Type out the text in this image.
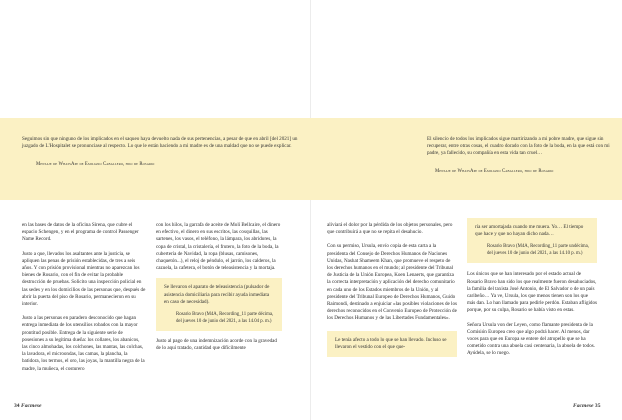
Seguimos sin que ninguno de los implicados en el saqueo haya devuelto nada de sus pertenencias, a pesar de que en abril [del 2021] un juzgado de L'Hospitalet se pronunciase al respecto. Lo que le están haciendo a mi madre es de una maldad que no se puede explicar.
Mensaje de WhatsApp de Emiliano Caballero, hijo de Rosario

en las bases de datos de la oficina Sirena, que cubre el espacio Schengen, y en el programa de control Passenger Name Record.

Justo a que, llevados los asaltantes ante la justicia, se apliquen las penas de prisión establecidas, de tres a seis años. Y con prisión provisional mientras no aparezcan los bienes de Rosario, con el fin de evitar la probable destrucción de pruebas. Solicito una inspección policial en las sedes y en los domicilios de las personas que, después de abrir la puerta del piso de Rosario, permanecieron en su interior.

Justo a las personas en paradero desconocido que hagan entrega inmediata de los utensilios robados con la mayor prontitud posible. Entrega de la siguiente serie de posesiones a su legítima dueña: los collares, los abanicos, las cinco almohadas, los colchones, las mantas, las colchas, la lavadora, el microondas, las camas, la plancha, la batidora, los termos, el oro, las joyas, la mantilla negra de la madre, la muñeca, el costurero

con los hilos, la garrafa de aceite de Molí Bellcaire, el dinero en efectivo, el dinero en sus escritos, las cosquillas, las sartenes, los vasos, el teléfono, la lámpara, los abridores, la copa de cristal, la cristalería, el frutero, la foto de la boda, la cubertería de Navidad, la ropa (blusas, camisones, chaquetón...), el reloj de péndulo, el jarrón, los calderos, la cazuela, la cafetera, el botón de teleasistencia y la mortaja.

Se llevaron el aparato de teleasistencia (pulsador de asistencia domiciliaria para recibir ayuda inmediata en caso de necesidad).
Rosario Bravo (M4A, Recording_11 parte décima, del jueves 10 de junio del 2021, a las 14.04 p. m.)

Justo al pago de una indemnización acorde con la gravedad de lo aquí tratado, cantidad que difícilmente

34 Facmese
El silencio de todos los implicados sigue martirizando a mi pobre madre, que sigue sin recuperar, entre otras cosas, el cuadro dorado con la foto de la boda, en la que está con mi padre, ya fallecido, su compañía en esta vida tan cruel…
Mensaje de WhatsApp de Emiliano Caballero, hijo de Rosario

aliviará el dolor por la pérdida de los objetos personales, pero que contribuirá a que no se repita el desahucio.

Con su permiso, Ursula, envío copia de esta carta a la presidenta del Consejo de Derechos Humanos de Naciones Unidas, Nashat Shameem Khan, que promueve el respeto de los derechos humanos en el mundo; al presidente del Tribunal de Justicia de la Unión Europea, Koen Lenaerts, que garantiza la correcta interpretación y aplicación del derecho comunitario en cada uno de los Estados miembros de la Unión, y al presidente del Tribunal Europeo de Derechos Humanos, Guido Raimondi, destinado a enjuiciar «las posibles violaciones de los derechos reconocidos en el Convenio Europeo de Protección de los Derechos Humanos y de las Libertades Fundamentales».

Le tenía afecto a todo lo que se han llevado. Incluso se llevaron el vestido con el que que-
ría ser amortajada cuando me muera. Yo… El tiempo que hace y que no hayan dicho nada…
Rosario Bravo (M4A, Recording_11 parte undécima, del jueves 10 de junio del 2021, a las 14.10 p. m.)

Los únicos que se han interesado por el estado actual de Rosario Bravo han sido los que realmente fueron desahuciados, la familia del taxista José Antonio, de El Salvador o de un país caribeño… Ya ve, Ursula, los que menos tienen son los que más dan. Lo han llamado para pedirle perdón. Estaban afligidos porque, por su culpa, Rosario se había visto en estas.

Señora Ursula von der Leyen, como flamante presidenta de la Comisión Europea creo que algo podrá hacer. Al menos, dar voces para que en Europa se entere del atropello que se ha cometido contra una abuela casi centenaria, la abuela de todos. Ayúdela, se lo ruego.

Facmese 35
